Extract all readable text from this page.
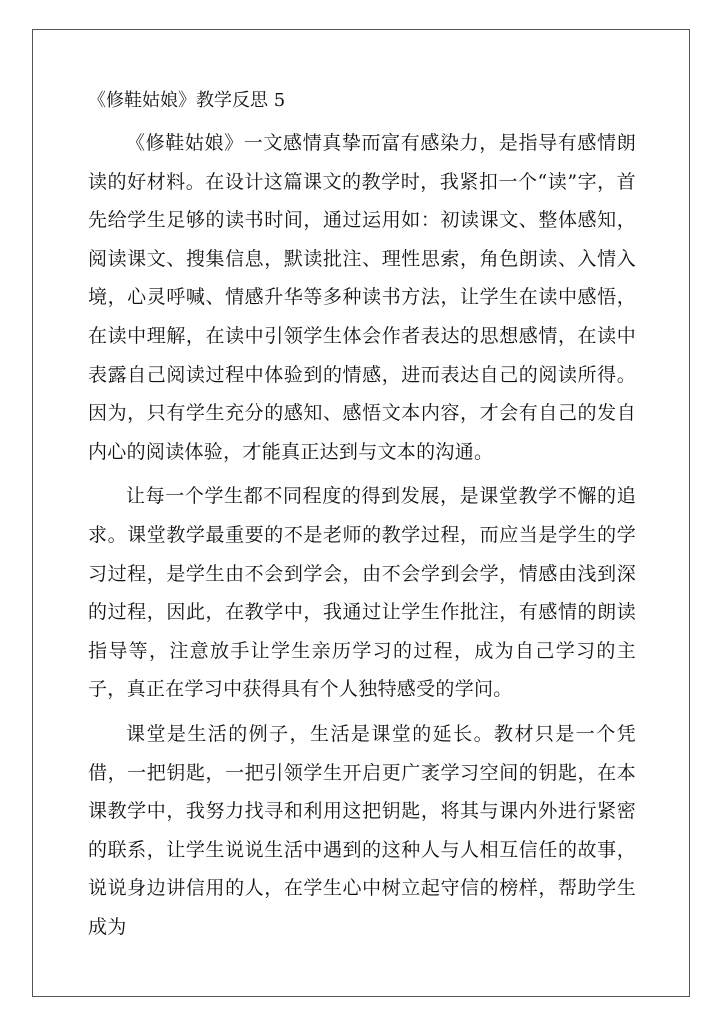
《修鞋姑娘》教学反思 5

《修鞋姑娘》一文感情真挚而富有感染力，是指导有感情朗读的好材料。在设计这篇课文的教学时，我紧扣一个“读”字，首先给学生足够的读书时间，通过运用如：初读课文、整体感知，阅读课文、搜集信息，默读批注、理性思索，角色朗读、入情入境，心灵呼喊、情感升华等多种读书方法，让学生在读中感悟，在读中理解，在读中引领学生体会作者表达的思想感情，在读中表露自己阅读过程中体验到的情感，进而表达自己的阅读所得。因为，只有学生充分的感知、感悟文本内容，才会有自己的发自内心的阅读体验，才能真正达到与文本的沟通。

让每一个学生都不同程度的得到发展，是课堂教学不懈的追求。课堂教学最重要的不是老师的教学过程，而应当是学生的学习过程，是学生由不会到学会，由不会学到会学，情感由浅到深的过程，因此，在教学中，我通过让学生作批注，有感情的朗读指导等，注意放手让学生亲历学习的过程，成为自己学习的主子，真正在学习中获得具有个人独特感受的学问。

课堂是生活的例子，生活是课堂的延长。教材只是一个凭借，一把钥匙，一把引领学生开启更广袤学习空间的钥匙，在本课教学中，我努力找寻和利用这把钥匙，将其与课内外进行紧密的联系，让学生说说生活中遇到的这种人与人相互信任的故事，说说身边讲信用的人，在学生心中树立起守信的榜样，帮助学生成为
